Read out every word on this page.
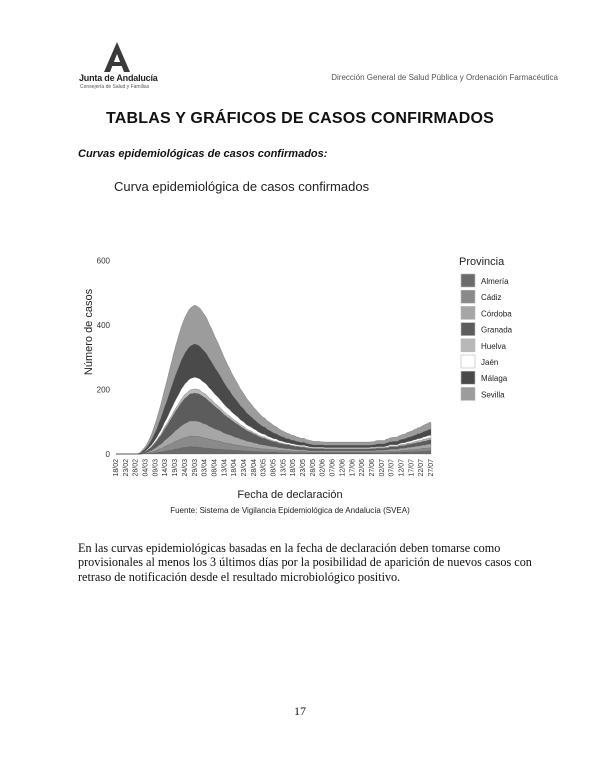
Junta de Andalucía
Consejería de Salud y Familias
Dirección General de Salud Pública y Ordenación Farmacéutica
TABLAS Y GRÁFICOS DE CASOS CONFIRMADOS
Curvas epidemiológicas de casos confirmados:
Curva epidemiológica de casos confirmados
Número de casos
0
200
400
600
18/02 23/02 28/02 04/03 09/03 14/03 19/03 24/03 29/03 03/04 08/04 13/04 18/04 23/04 28/04 03/05 08/05 13/05 18/05 23/05 28/05 02/06 07/06 12/06 17/06 22/06 27/06 02/07 07/07 12/07 17/07 22/07 27/07
Fecha de declaración
Fuente: Sistema de Vigilancia Epidemiológica de Andalucía (SVEA)
Provincia
Almería
Cádiz
Córdoba
Granada
Huelva
Jaén
Málaga
Sevilla
En las curvas epidemiológicas basadas en la fecha de declaración deben tomarse como provisionales al menos los 3 últimos días por la posibilidad de aparición de nuevos casos con retraso de notificación desde el resultado microbiológico positivo.
17
